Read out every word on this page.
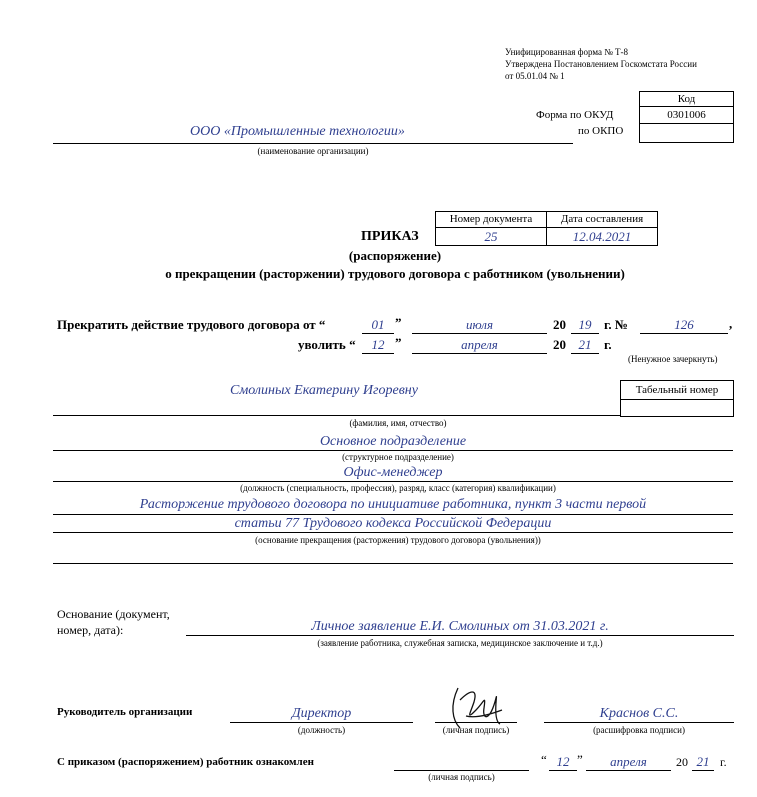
Унифицированная форма № Т-8
Утверждена Постановлением Госкомстата России
от 05.01.04 № 1
Код
0301006
Форма по ОКУД
по ОКПО
ООО «Промышленные технологии»
(наименование организации)
Номер документа	Дата составления
25	12.04.2021
ПРИКАЗ
(распоряжение)
о прекращении (расторжении) трудового договора с работником (увольнении)
Прекратить действие трудового договора от “	01 ”	июля	20 19 г. №	126	,
уволить “	12 ”	апреля	20 21 г.
(Ненужное зачеркнуть)
Смолиных Екатерину Игоревну	Табельный номер
(фамилия, имя, отчество)
Основное подразделение
(структурное подразделение)
Офис-менеджер
(должность (специальность, профессия), разряд, класс (категория) квалификации)
Расторжение трудового договора по инициативе работника, пункт 3 части первой
статьи 77 Трудового кодекса Российской Федерации
(основание прекращения (расторжения) трудового договора (увольнения))
Основание (документ,
номер, дата):	Личное заявление Е.И. Смолиных от 31.03.2021 г.
(заявление работника, служебная записка, медицинское заключение и т.д.)
Руководитель организации	Директор
(должность)	(личная подпись)
Краснов С.С.
(расшифровка подписи)
С приказом (распоряжением) работник ознакомлен
(личная подпись)
“ 12 ”	апреля	20 21 г.
